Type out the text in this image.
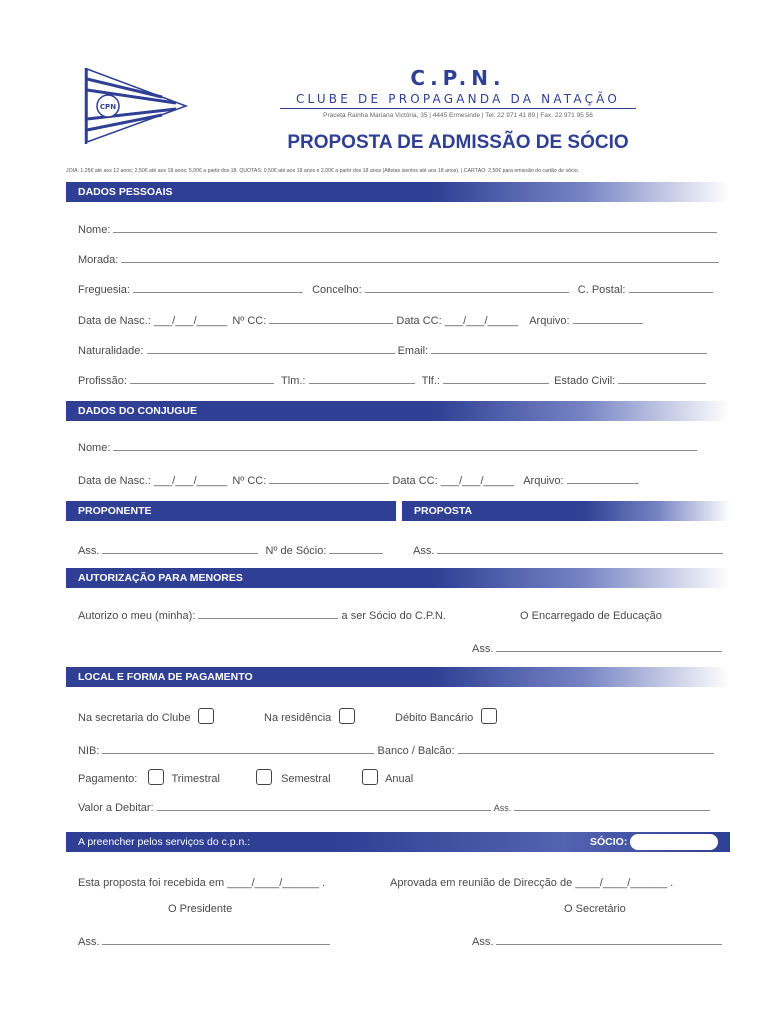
CPN
C.P.N.
CLUBE DE PROPAGANDA DA NATAÇÃO
Praceta Rainha Mariana Victória, 35 | 4445 Ermesinde | Tel. 22 971 41 89 | Fax. 22 971 95 56
PROPOSTA DE ADMISSÃO DE SÓCIO
JÓIA: 1,25€ até aos 12 anos; 2,50€ até aos 18 anos; 5,00€ a partir dos 18. QUOTAS: 0.50€ até aos 18 anos e 2,00€ a partir dos 18 anos (Atletas isentos até aos 18 anos). | CARTÃO: 2,50€ para emissão do cartão de sócio.
DADOS PESSOAIS
Nome:
Morada:
Freguesia:	Concelho:	C. Postal:
Data de Nasc.: ___/___/_____ Nº CC:	Data CC: ___/___/_____ Arquivo:
Naturalidade:	Email:
Profissão:	Tlm.:	Tlf.:	Estado Civil:
DADOS DO CONJUGUE
Nome:
Data de Nasc.: ___/___/_____ Nº CC:	Data CC: ___/___/_____ Arquivo:
PROPONENTE	PROPOSTA
Ass.	Nº de Sócio:	Ass.
AUTORIZAÇÃO PARA MENORES
Autorizo o meu (minha):	a ser Sócio do C.P.N.	O Encarregado de Educação
Ass.
LOCAL E FORMA DE PAGAMENTO
Na secretaria do Clube	Na residência	Débito Bancário
NIB:	Banco / Balcão:
Pagamento:	Trimestral	Semestral	Anual
Valor a Debitar:	Ass.
A preencher pelos serviços do c.p.n.:	SÓCIO:
Esta proposta foi recebida em ____/____/______ .	Aprovada em reunião de Direcção de ____/____/______ .
O Presidente	O Secretário
Ass.	Ass.
